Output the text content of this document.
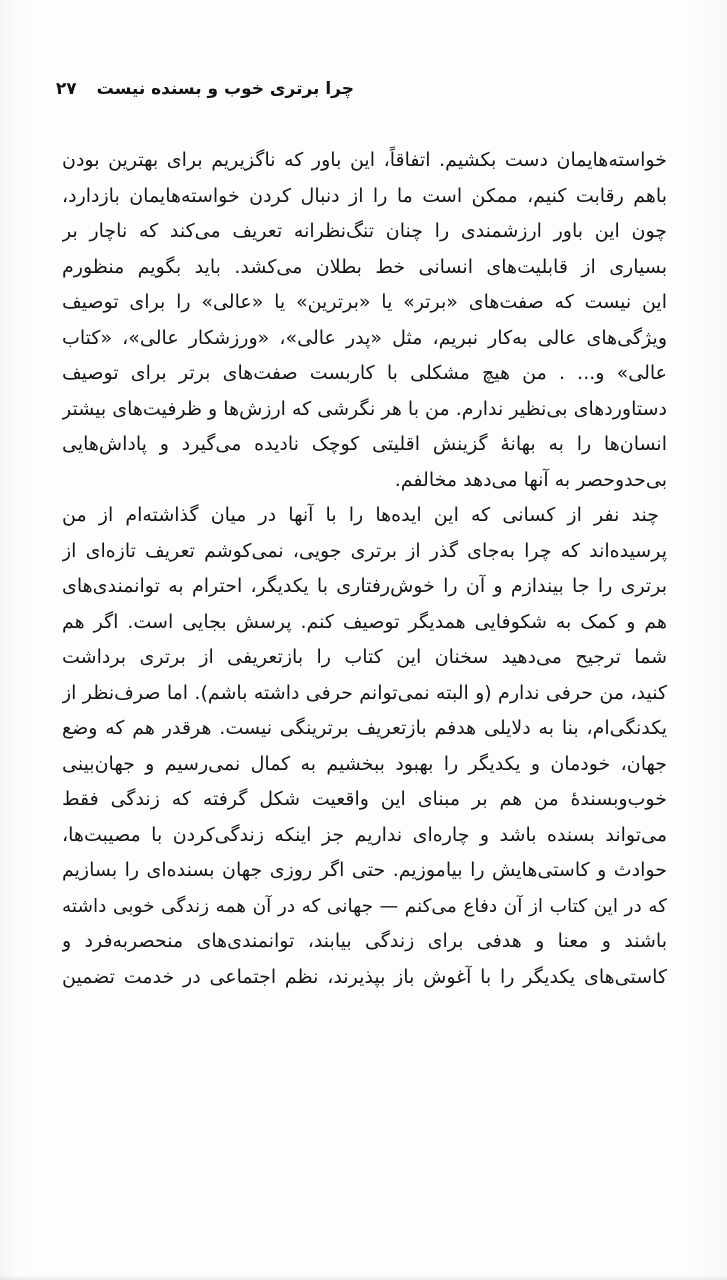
چرا برتری خوب و بسنده نیست
۲۷
خواسته‌هایمان دست بکشیم. اتفاقاً، این باور که ناگزیریم برای بهترین بودن
باهم رقابت کنیم، ممکن است ما را از دنبال کردن خواسته‌هایمان بازدارد،
چون این باور ارزشمندی را چنان تنگ‌نظرانه تعریف می‌کند که ناچار بر
بسیاری از قابلیت‌های انسانی خط بطلان می‌کشد. باید بگویم منظورم
این نیست که صفت‌های «برتر» یا «برترین» یا «عالی» را برای توصیف
ویژگی‌های عالی به‌کار نبریم، مثل «پدر عالی»، «ورزشکار عالی»، «کتاب
عالی» و... . من هیچ مشکلی با کاربست صفت‌های برتر برای توصیف
دستاوردهای بی‌نظیر ندارم. من با هر نگرشی که ارزش‌ها و ظرفیت‌های بیشتر
انسان‌ها را به بهانهٔ گزینش اقلیتی کوچک نادیده می‌گیرد و پاداش‌هایی
بی‌حدوحصر به آنها می‌دهد مخالفم.
چند نفر از کسانی که این ایده‌ها را با آنها در میان گذاشته‌ام از من
پرسیده‌اند که چرا به‌جای گذر از برتری جویی، نمی‌کوشم تعریف تازه‌ای از
برتری را جا بیندازم و آن را خوش‌رفتاری با یکدیگر، احترام به توانمندی‌های
هم و کمک به شکوفایی همدیگر توصیف کنم. پرسش بجایی است. اگر هم
شما ترجیح می‌دهید سخنان این کتاب را بازتعریفی از برتری برداشت
کنید، من حرفی ندارم (و البته نمی‌توانم حرفی داشته باشم). اما صرف‌نظر از
یکدنگی‌ام، بنا به دلایلی هدفم بازتعریف برترینگی نیست. هرقدر هم که وضع
جهان، خودمان و یکدیگر را بهبود ببخشیم به کمال نمی‌رسیم و جهان‌بینی
خوب‌وبسندهٔ من هم بر مبنای این واقعیت شکل گرفته که زندگی فقط
می‌تواند بسنده باشد و چاره‌ای نداریم جز اینکه زندگی‌کردن با مصیبت‌ها،
حوادث و کاستی‌هایش را بیاموزیم. حتی اگر روزی جهان بسنده‌ای را بسازیم
که در این کتاب از آن دفاع می‌کنم — جهانی که در آن همه زندگی خوبی داشته
باشند و معنا و هدفی برای زندگی بیابند، توانمندی‌های منحصربه‌فرد و
کاستی‌های یکدیگر را با آغوش باز بپذیرند، نظم اجتماعی در خدمت تضمین
